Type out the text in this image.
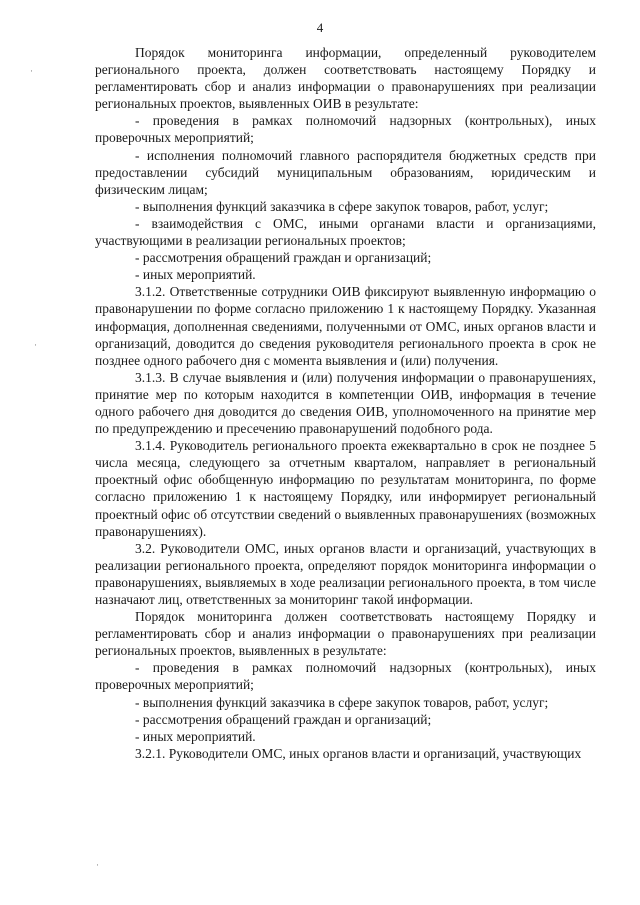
4
·
·
·

Порядок мониторинга информации, определенный руководителем регионального проекта, должен соответствовать настоящему Порядку и регламентировать сбор и анализ информации о правонарушениях при реализации региональных проектов, выявленных ОИВ в результате:

- проведения в рамках полномочий надзорных (контрольных), иных проверочных мероприятий;

- исполнения полномочий главного распорядителя бюджетных средств при предоставлении субсидий муниципальным образованиям, юридическим и физическим лицам;

- выполнения функций заказчика в сфере закупок товаров, работ, услуг;

- взаимодействия с ОМС, иными органами власти и организациями, участвующими в реализации региональных проектов;

- рассмотрения обращений граждан и организаций;

- иных мероприятий.

3.1.2. Ответственные сотрудники ОИВ фиксируют выявленную информацию о правонарушении по форме согласно приложению 1 к настоящему Порядку. Указанная информация, дополненная сведениями, полученными от ОМС, иных органов власти и организаций, доводится до сведения руководителя регионального проекта в срок не позднее одного рабочего дня с момента выявления и (или) получения.

3.1.3. В случае выявления и (или) получения информации о правонарушениях, принятие мер по которым находится в компетенции ОИВ, информация в течение одного рабочего дня доводится до сведения ОИВ, уполномоченного на принятие мер по предупреждению и пресечению правонарушений подобного рода.

3.1.4. Руководитель регионального проекта ежеквартально в срок не позднее 5 числа месяца, следующего за отчетным кварталом, направляет в региональный проектный офис обобщенную информацию по результатам мониторинга, по форме согласно приложению 1 к настоящему Порядку, или информирует региональный проектный офис об отсутствии сведений о выявленных правонарушениях (возможных правонарушениях).

3.2. Руководители ОМС, иных органов власти и организаций, участвующих в реализации регионального проекта, определяют порядок мониторинга информации о правонарушениях, выявляемых в ходе реализации регионального проекта, в том числе назначают лиц, ответственных за мониторинг такой информации.

Порядок мониторинга должен соответствовать настоящему Порядку и регламентировать сбор и анализ информации о правонарушениях при реализации региональных проектов, выявленных в результате:

- проведения в рамках полномочий надзорных (контрольных), иных проверочных мероприятий;

- выполнения функций заказчика в сфере закупок товаров, работ, услуг;

- рассмотрения обращений граждан и организаций;

- иных мероприятий.

3.2.1. Руководители ОМС, иных органов власти и организаций, участвующих
